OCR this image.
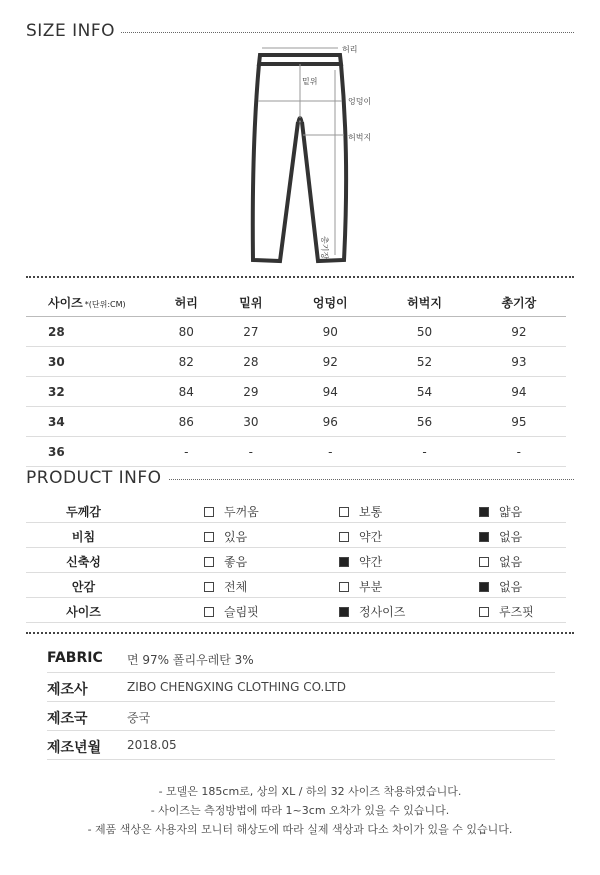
SIZE INFO
허리
밑위
엉덩이
허벅지
총기장
사이즈 *(단위:CM)	허리	밑위	엉덩이	허벅지	총기장
28	80	27	90	50	92
30	82	28	92	52	93
32	84	29	94	54	94
34	86	30	96	56	95
36	-	-	-	-	-
PRODUCT INFO
두께감	두꺼움	보통	얇음
비침	있음	약간	없음
신축성	좋음	약간	없음
안감	전체	부분	없음
사이즈	슬림핏	정사이즈	루즈핏
FABRIC 면 97% 폴리우레탄 3%
제조사	ZIBO CHENGXING CLOTHING CO.LTD
제조국	중국
제조년월 2018.05
- 모델은 185cm로, 상의 XL / 하의 32 사이즈 착용하였습니다.
- 사이즈는 측정방법에 따라 1~3cm 오차가 있을 수 있습니다.
- 제품 색상은 사용자의 모니터 해상도에 따라 실제 색상과 다소 차이가 있을 수 있습니다.
